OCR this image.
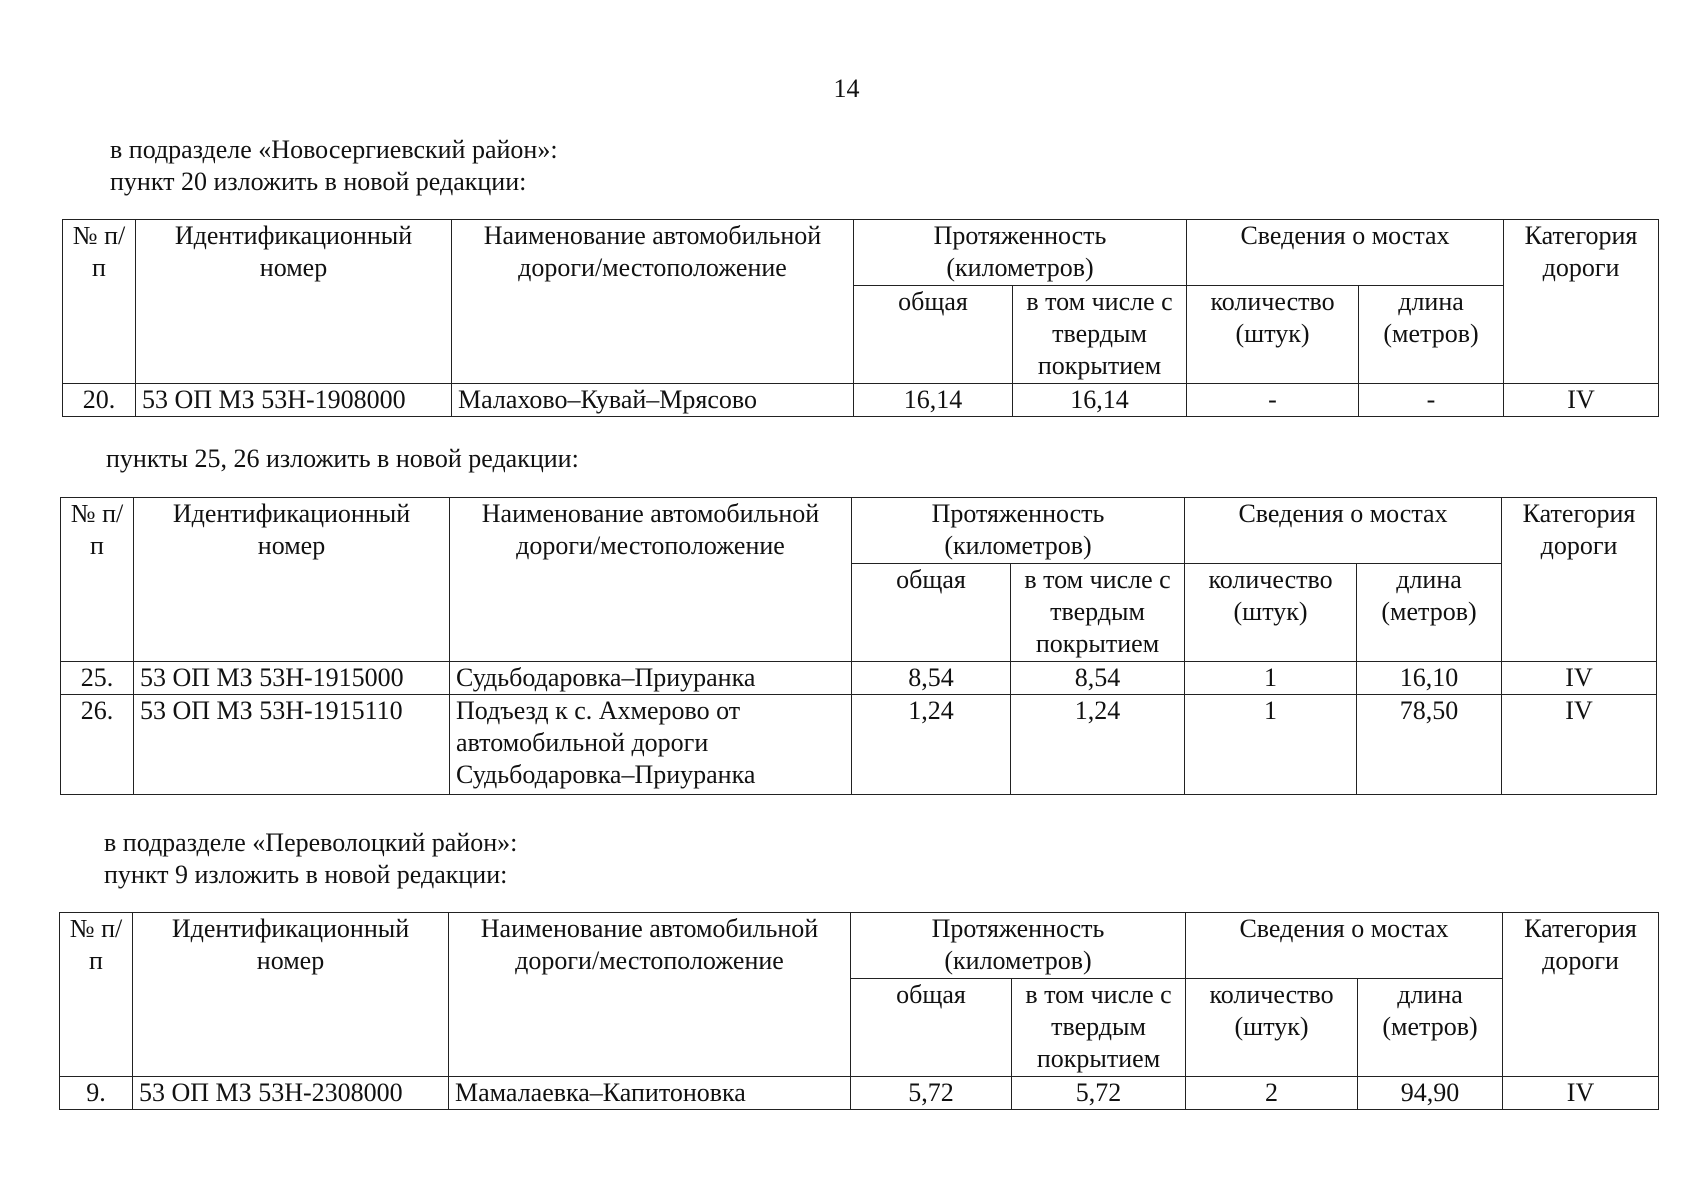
14
в подразделе «Новосергиевский район»:
пункт 20 изложить в новой редакции:
№ п/п	Идентификационный номер	Наименование автомобильной дороги/местоположение	Протяженность (километров)		Сведения о мостах		Категория дороги
			общая	в том числе с твердым покрытием	количество (штук)	длина (метров)	
20.	53 ОП МЗ 53Н-1908000	Малахово–Кувай–Мрясово	16,14	16,14	-	-	IV
пункты 25, 26 изложить в новой редакции:
№ п/п	Идентификационный номер	Наименование автомобильной дороги/местоположение	Протяженность (километров)		Сведения о мостах		Категория дороги
			общая	в том числе с твердым покрытием	количество (штук)	длина (метров)	
25.	53 ОП МЗ 53Н-1915000	Судьбодаровка–Приуранка	8,54	8,54	1	16,10	IV
26.	53 ОП МЗ 53Н-1915110	Подъезд к с. Ахмерово от автомобильной дороги Судьбодаровка–Приуранка	1,24	1,24	1	78,50	IV
в подразделе «Переволоцкий район»:
пункт 9 изложить в новой редакции:
№ п/п	Идентификационный номер	Наименование автомобильной дороги/местоположение	Протяженность (километров)		Сведения о мостах		Категория дороги
			общая	в том числе с твердым покрытием	количество (штук)	длина (метров)	
9.	53 ОП МЗ 53Н-2308000	Мамалаевка–Капитоновка	5,72	5,72	2	94,90	IV
